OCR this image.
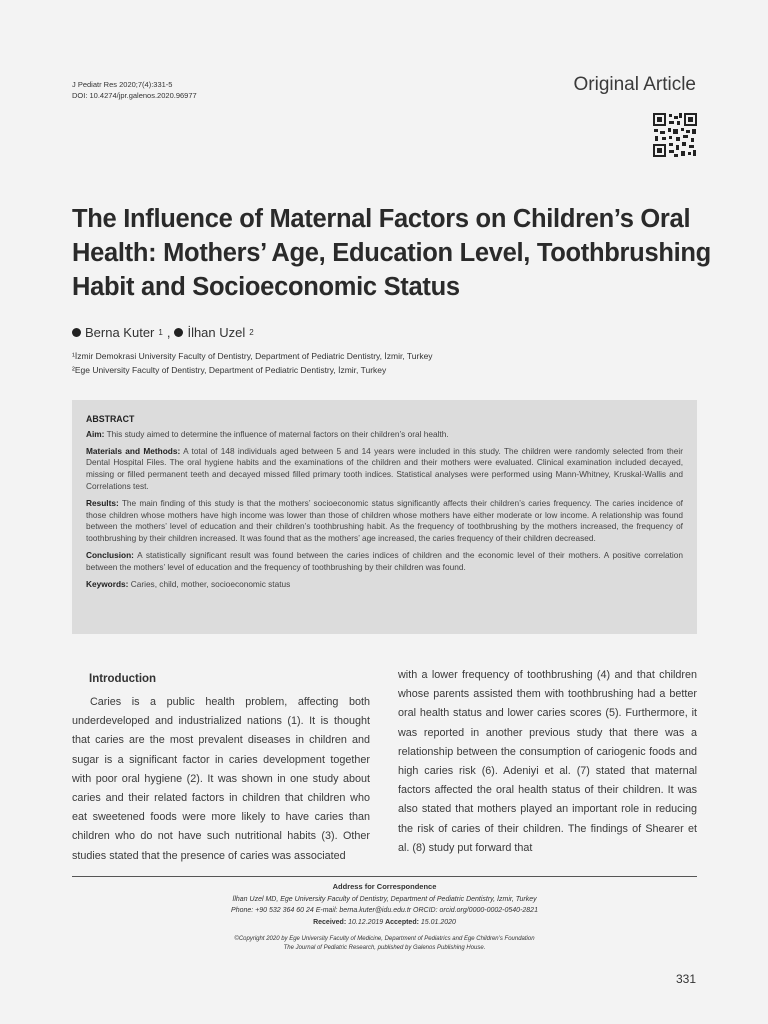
J Pediatr Res 2020;7(4):331-5
DOI: 10.4274/jpr.galenos.2020.96977
Original Article
The Influence of Maternal Factors on Children’s Oral Health: Mothers’ Age, Education Level, Toothbrushing Habit and Socioeconomic Status
Berna Kuter 1 , İlhan Uzel 2
¹İzmir Demokrasi University Faculty of Dentistry, Department of Pediatric Dentistry, İzmir, Turkey
²Ege University Faculty of Dentistry, Department of Pediatric Dentistry, İzmir, Turkey

ABSTRACT

Aim: This study aimed to determine the influence of maternal factors on their children’s oral health.

Materials and Methods: A total of 148 individuals aged between 5 and 14 years were included in this study. The children were randomly selected from their Dental Hospital Files. The oral hygiene habits and the examinations of the children and their mothers were evaluated. Clinical examination included decayed, missing or filled permanent teeth and decayed missed filled primary tooth indices. Statistical analyses were performed using Mann-Whitney, Kruskal-Wallis and Correlations test.

Results: The main finding of this study is that the mothers’ socioeconomic status significantly affects their children’s caries frequency. The caries incidence of those children whose mothers have high income was lower than those of children whose mothers have either moderate or low income. A relationship was found between the mothers’ level of education and their children’s toothbrushing habit. As the frequency of toothbrushing by the mothers increased, the frequency of toothbrushing by their children increased. It was found that as the mothers’ age increased, the caries frequency of their children decreased.

Conclusion: A statistically significant result was found between the caries indices of children and the economic level of their mothers. A positive correlation between the mothers’ level of education and the frequency of toothbrushing by their children was found.

Keywords: Caries, child, mother, socioeconomic status

Introduction

Caries is a public health problem, affecting both underdeveloped and industrialized nations (1). It is thought that caries are the most prevalent diseases in children and sugar is a significant factor in caries development together with poor oral hygiene (2). It was shown in one study about caries and their related factors in children that children who eat sweetened foods were more likely to have caries than children who do not have such nutritional habits (3). Other studies stated that the presence of caries was associated

with a lower frequency of toothbrushing (4) and that children whose parents assisted them with toothbrushing had a better oral health status and lower caries scores (5). Furthermore, it was reported in another previous study that there was a relationship between the consumption of cariogenic foods and high caries risk (6). Adeniyi et al. (7) stated that maternal factors affected the oral health status of their children. It was also stated that mothers played an important role in reducing the risk of caries of their children. The findings of Shearer et al. (8) study put forward that

Address for Correspondence
İlhan Uzel MD, Ege University Faculty of Dentistry, Department of Pediatric Dentistry, İzmir, Turkey
Phone: +90 532 364 60 24 E-mail: berna.kuter@idu.edu.tr ORCID: orcid.org/0000-0002-0540-2821
Received: 10.12.2019 Accepted: 15.01.2020
©Copyright 2020 by Ege University Faculty of Medicine, Department of Pediatrics and Ege Children’s Foundation
The Journal of Pediatric Research, published by Galenos Publishing House.
331
